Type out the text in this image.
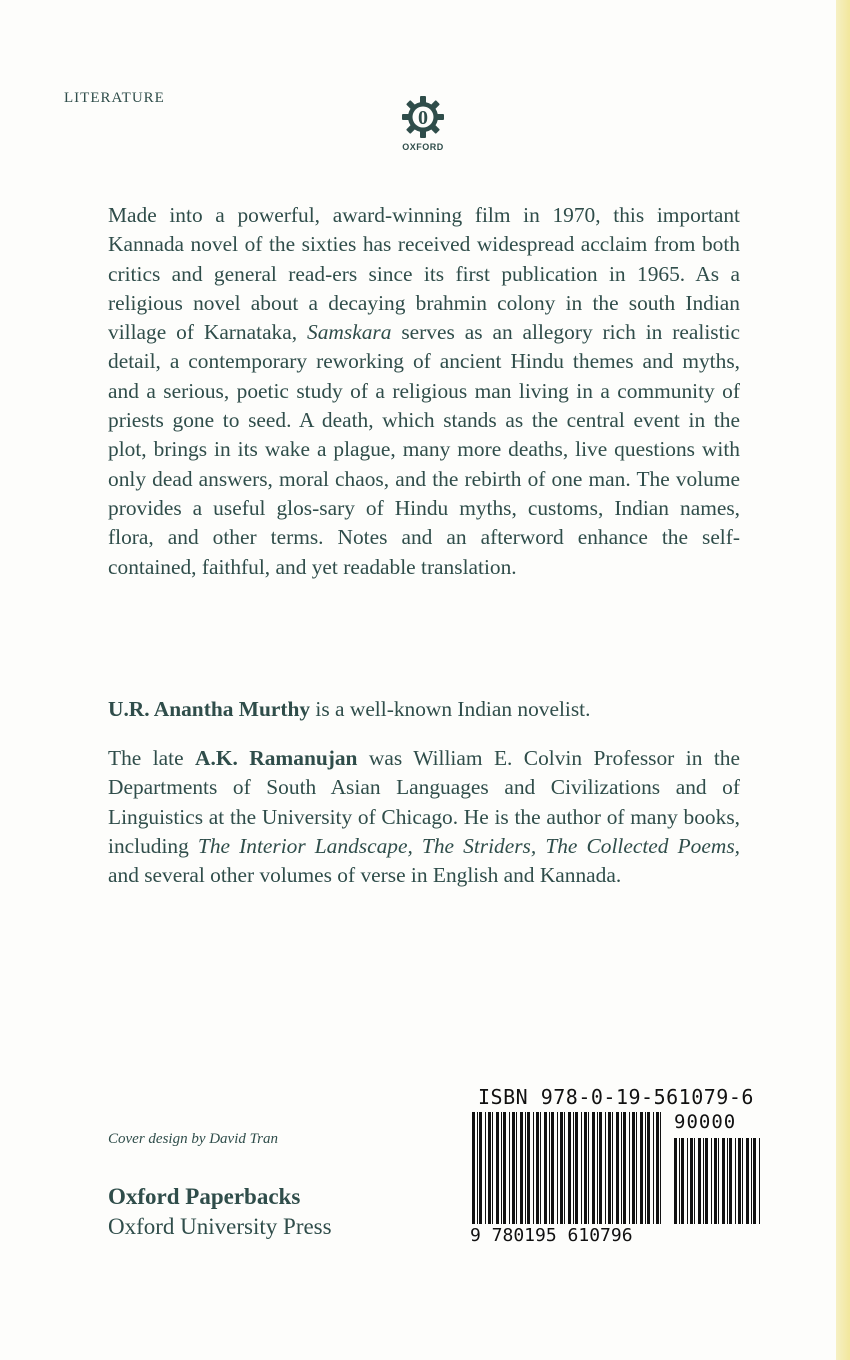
LITERATURE
0
OXFORD

Made into a powerful, award-winning film in 1970, this important Kannada novel of the sixties has received widespread acclaim from both critics and general read-ers since its first publication in 1965. As a religious novel about a decaying brahmin colony in the south Indian village of Karnataka, Samskara serves as an allegory rich in realistic detail, a contemporary reworking of ancient Hindu themes and myths, and a serious, poetic study of a religious man living in a community of priests gone to seed. A death, which stands as the central event in the plot, brings in its wake a plague, many more deaths, live questions with only dead answers, moral chaos, and the rebirth of one man. The volume provides a useful glos-sary of Hindu myths, customs, Indian names, flora, and other terms. Notes and an afterword enhance the self-contained, faithful, and yet readable translation.

U.R. Anantha Murthy is a well-known Indian novelist.

The late A.K. Ramanujan was William E. Colvin Professor in the Departments of South Asian Languages and Civilizations and of Linguistics at the University of Chicago. He is the author of many books, including The Interior Landscape, The Striders, The Collected Poems, and several other volumes of verse in English and Kannada.

Cover design by David Tran
Oxford Paperbacks
Oxford University Press
ISBN 978-0-19-561079-6
90000
9 780195 610796
